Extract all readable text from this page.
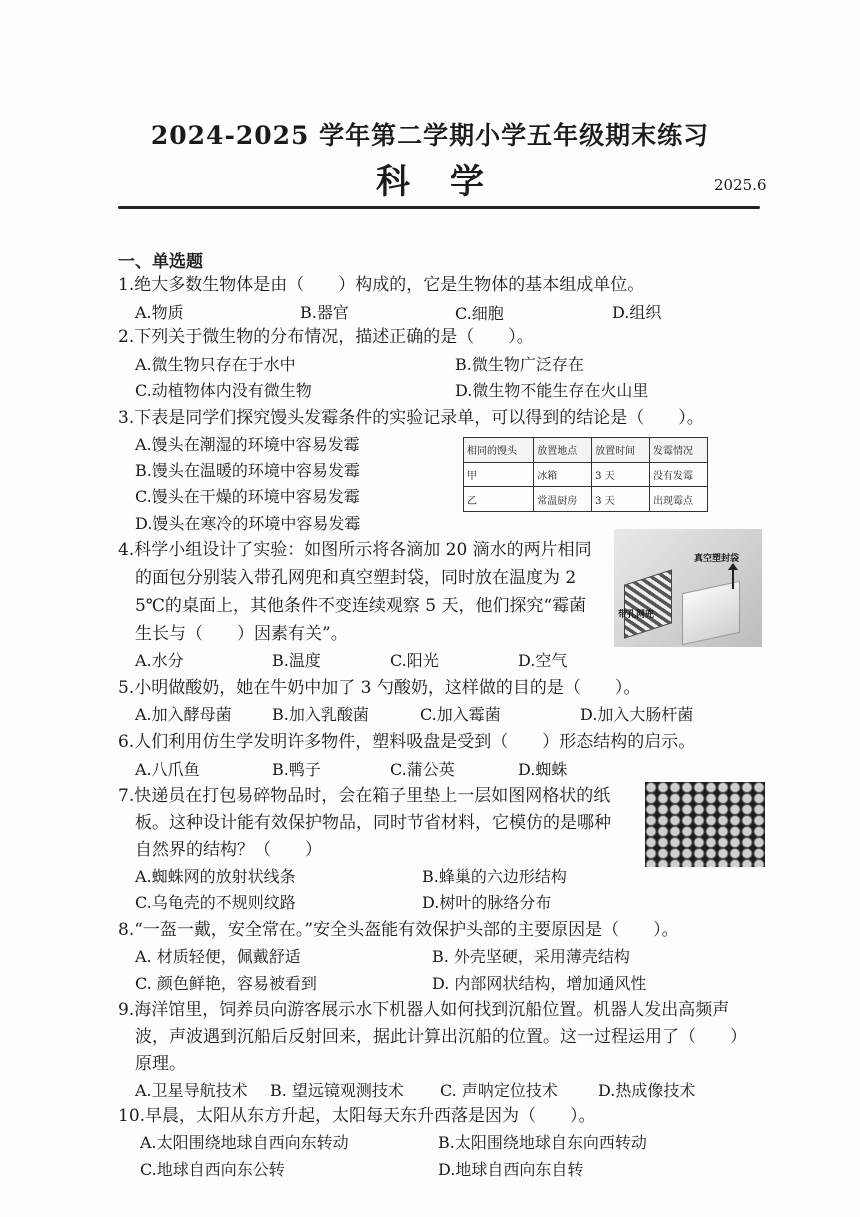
2024-2025 学年第二学期小学五年级期末练习
科学	2025.6
一、单选题
1.绝大多数生物体是由（　　）构成的，它是生物体的基本组成单位。
A.物质	B.器官	C.细胞	D.组织
2.下列关于微生物的分布情况，描述正确的是（　　）。
A.微生物只存在于水中	B.微生物广泛存在
C.动植物体内没有微生物	D.微生物不能生存在火山里
3.下表是同学们探究馒头发霉条件的实验记录单，可以得到的结论是（　　）。
A.馒头在潮湿的环境中容易发霉
B.馒头在温暖的环境中容易发霉
C.馒头在干燥的环境中容易发霉
D.馒头在寒冷的环境中容易发霉
相同的馒头	放置地点	放置时间	发霉情况
甲	冰箱	3 天	没有发霉
乙	常温厨房	3 天	出现霉点
4.科学小组设计了实验：如图所示将各滴加 20 滴水的两片相同
的面包分别装入带孔网兜和真空塑封袋，同时放在温度为 2
5℃的桌面上，其他条件不变连续观察 5 天，他们探究“霉菌
生长与（　　）因素有关”。
A.水分	B.温度	C.阳光	D.空气
真空塑封袋
带孔网兜
5.小明做酸奶，她在牛奶中加了 3 勺酸奶，这样做的目的是（　　）。
A.加入酵母菌	B.加入乳酸菌	C.加入霉菌	D.加入大肠杆菌
6.人们利用仿生学发明许多物件，塑料吸盘是受到（　　）形态结构的启示。
A.八爪鱼	B.鸭子	C.蒲公英	D.蜘蛛
7.快递员在打包易碎物品时，会在箱子里垫上一层如图网格状的纸
板。这种设计能有效保护物品，同时节省材料，它模仿的是哪种
自然界的结构？（　　）
A.蜘蛛网的放射状线条	B.蜂巢的六边形结构
C.乌龟壳的不规则纹路	D.树叶的脉络分布
8.“一盔一戴，安全常在。”安全头盔能有效保护头部的主要原因是（　　）。
A. 材质轻便，佩戴舒适	B. 外壳坚硬，采用薄壳结构
C. 颜色鲜艳，容易被看到	D. 内部网状结构，增加通风性
9.海洋馆里，饲养员向游客展示水下机器人如何找到沉船位置。机器人发出高频声
波，声波遇到沉船后反射回来，据此计算出沉船的位置。这一过程运用了（　　）
原理。
A.卫星导航技术 B. 望远镜观测技术 C. 声呐定位技术	D.热成像技术
10.早晨，太阳从东方升起，太阳每天东升西落是因为（　　）。
A.太阳围绕地球自西向东转动	B.太阳围绕地球自东向西转动
C.地球自西向东公转	D.地球自西向东自转
